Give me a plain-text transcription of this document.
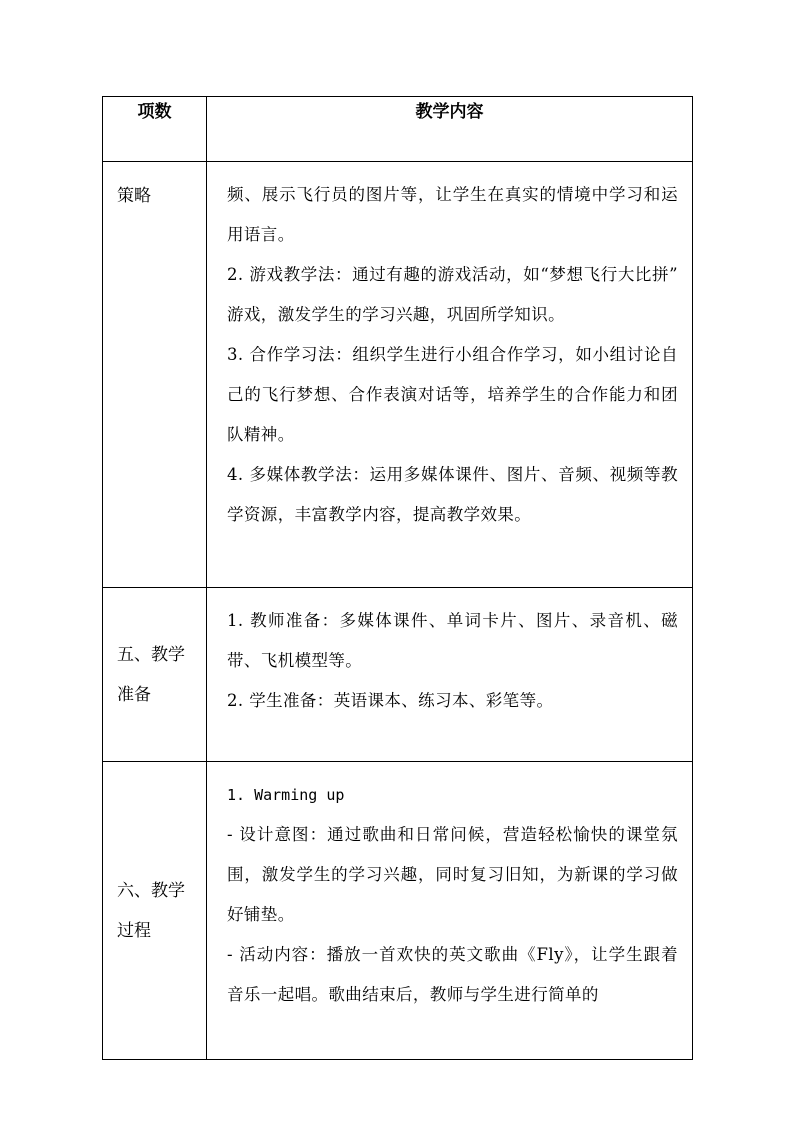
项数	教学内容
策略	频、展示飞行员的图片等，让学生在真实的情境中学习和运用语言。

2. 游戏教学法：通过有趣的游戏活动，如“梦想飞行大比拼” 游戏，激发学生的学习兴趣，巩固所学知识。

3. 合作学习法：组织学生进行小组合作学习，如小组讨论自己的飞行梦想、合作表演对话等，培养学生的合作能力和团队精神。

4. 多媒体教学法：运用多媒体课件、图片、音频、视频等教学资源，丰富教学内容，提高教学效果。

五、教学准备	1. 教师准备：多媒体课件、单词卡片、图片、录音机、磁带、飞机模型等。

2. 学生准备：英语课本、练习本、彩笔等。

六、教学过程	1. Warming up

- 设计意图：通过歌曲和日常问候，营造轻松愉快的课堂氛围，激发学生的学习兴趣，同时复习旧知，为新课的学习做好铺垫。

- 活动内容：播放一首欢快的英文歌曲《Fly》，让学生跟着音乐一起唱。歌曲结束后，教师与学生进行简单的
